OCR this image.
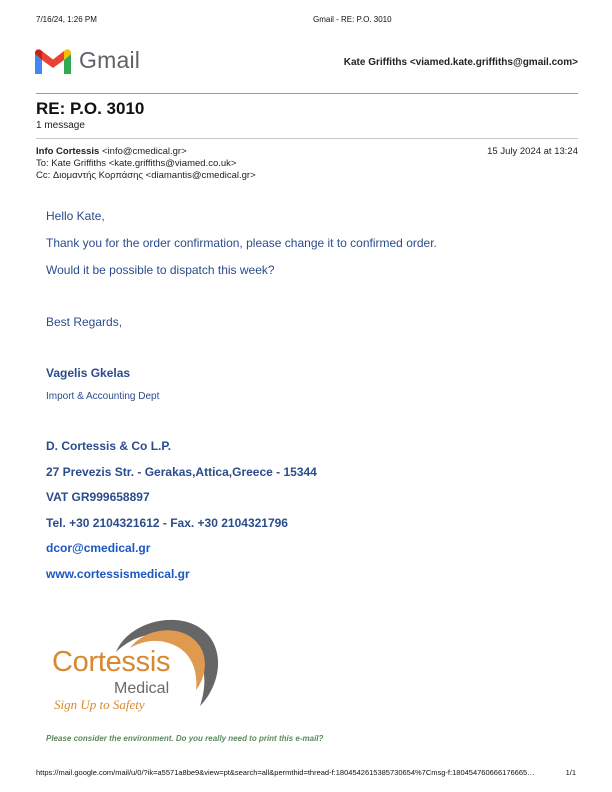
7/16/24, 1:26 PM	Gmail - RE: P.O. 3010
Gmail	Kate Griffiths <viamed.kate.griffiths@gmail.com>
RE: P.O. 3010
1 message
Info Cortessis <info@cmedical.gr>	15 July 2024 at 13:24
To: Kate Griffiths <kate.griffiths@viamed.co.uk>
Cc: Διομαντής Κορπάσης <diamantis@cmedical.gr>
Hello Kate,
Thank you for the order confirmation, please change it to confirmed order.
Would it be possible to dispatch this week?
Best Regards,
Vagelis Gkelas
Import & Accounting Dept
D. Cortessis & Co L.P.
27 Prevezis Str. - Gerakas,Attica,Greece - 15344
VAT GR999658897
Tel. +30 2104321612 - Fax. +30 2104321796
dcor@cmedical.gr
www.cortessismedical.gr
Cortessis
Medical
Sign Up to Safety
Please consider the environment. Do you really need to print this e-mail?
https://mail.google.com/mail/u/0/?ik=a5571a8be9&view=pt&search=all&permthid=thread-f:1804542615385730654%7Cmsg-f:180454760666176665…	1/1
